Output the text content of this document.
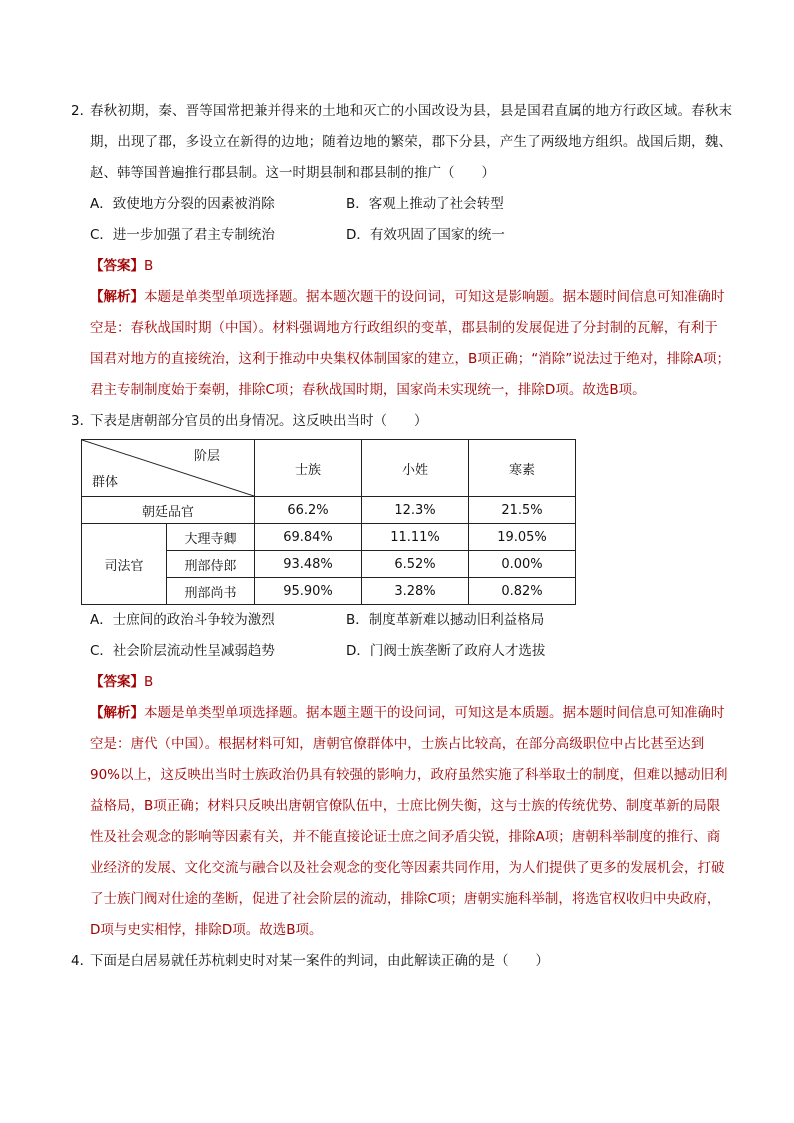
2．
春秋初期，秦、晋等国常把兼并得来的土地和灭亡的小国改设为县，县是国君直属的地方行政区域。春秋末期，出现了郡，多设立在新得的边地；随着边地的繁荣，郡下分县，产生了两级地方组织。战国后期，魏、赵、韩等国普遍推行郡县制。这一时期县制和郡县制的推广（　　）
A．致使地方分裂的因素被消除	B．客观上推动了社会转型
C．进一步加强了君主专制统治	D．有效巩固了国家的统一
【答案】B
【解析】本题是单类型单项选择题。据本题次题干的设问词，可知这是影响题。据本题时间信息可知准确时空是：春秋战国时期（中国）。材料强调地方行政组织的变革，郡县制的发展促进了分封制的瓦解，有利于国君对地方的直接统治，这利于推动中央集权体制国家的建立，B项正确；“消除”说法过于绝对，排除A项；君主专制制度始于秦朝，排除C项；春秋战国时期，国家尚未实现统一，排除D项。故选B项。
3．
下表是唐朝部分官员的出身情况。这反映出当时（　　）
阶层
群体		士族	小姓	寒素
朝廷品官		66.2%	12.3%	21.5%
司法官	大理寺卿	69.84%	11.11%	19.05%
	刑部侍郎	93.48%	6.52%	0.00%
	刑部尚书	95.90%	3.28%	0.82%
A．士庶间的政治斗争较为激烈	B．制度革新难以撼动旧利益格局
C．社会阶层流动性呈减弱趋势	D．门阀士族垄断了政府人才选拔
【答案】B
【解析】本题是单类型单项选择题。据本题主题干的设问词，可知这是本质题。据本题时间信息可知准确时空是：唐代（中国）。根据材料可知，唐朝官僚群体中，士族占比较高，在部分高级职位中占比甚至达到90%以上，这反映出当时士族政治仍具有较强的影响力，政府虽然实施了科举取士的制度，但难以撼动旧利益格局，B项正确；材料只反映出唐朝官僚队伍中，士庶比例失衡，这与士族的传统优势、制度革新的局限性及社会观念的影响等因素有关，并不能直接论证士庶之间矛盾尖锐，排除A项；唐朝科举制度的推行、商业经济的发展、文化交流与融合以及社会观念的变化等因素共同作用，为人们提供了更多的发展机会，打破了士族门阀对仕途的垄断，促进了社会阶层的流动，排除C项；唐朝实施科举制，将选官权收归中央政府，D项与史实相悖，排除D项。故选B项。
4．
下面是白居易就任苏杭刺史时对某一案件的判词，由此解读正确的是（　　）
